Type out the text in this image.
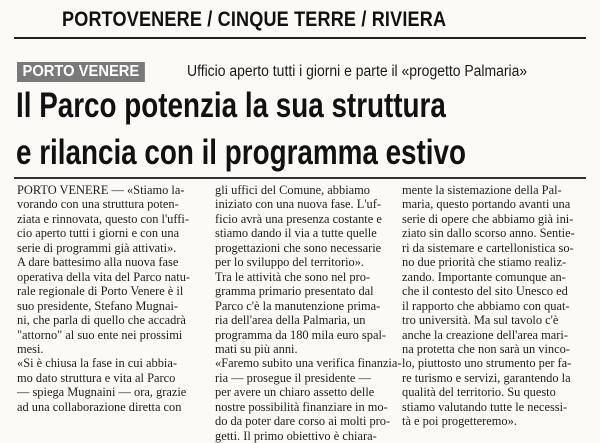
PORTOVENERE / CINQUE TERRE / RIVIERA
PORTO VENERE	Ufficio aperto tutti i giorni e parte il «progetto Palmaria»
Il Parco potenzia la sua struttura
e rilancia con il programma estivo

PORTO VENERE — «Stiamo la-

vorando con una struttura poten-

ziata e rinnovata, questo con l'uffi-

cio aperto tutti i giorni e con una

serie di programmi già attivati».

A dare battesimo alla nuova fase

operativa della vita del Parco natu-

rale regionale di Porto Venere è il

suo presidente, Stefano Mugnai-

ni, che parla di quello che accadrà

"attorno" al suo ente nei prossimi

mesi.

«Si è chiusa la fase in cui abbia-

mo dato struttura e vita al Parco

— spiega Mugnaini — ora, grazie

ad una collaborazione diretta con

gli uffici del Comune, abbiamo

iniziato con una nuova fase. L'uf-

ficio avrà una presenza costante e

stiamo dando il via a tutte quelle

progettazioni che sono necessarie

per lo sviluppo del territorio».

Tra le attività che sono nel pro-

gramma primario presentato dal

Parco c'è la manutenzione prima-

ria dell'area della Palmaria, un

programma da 180 mila euro spal-

mati su più anni.

«Faremo subito una verifica finanzia-

ria — prosegue il presidente —

per avere un chiaro assetto delle

nostre possibilità finanziare in mo-

do da poter dare corso ai molti pro-

getti. Il primo obiettivo è chiara-

mente la sistemazione della Pal-

maria, questo portando avanti una

serie di opere che abbiamo già ini-

ziato sin dallo scorso anno. Sentie-

ri da sistemare e cartellonistica so-

no due priorità che stiamo realiz-

zando. Importante comunque an-

che il contesto del sito Unesco ed

il rapporto che abbiamo con quat-

tro università. Ma sul tavolo c'è

anche la creazione dell'area mari-

na protetta che non sarà un vinco-

lo, piuttosto uno strumento per fa-

re turismo e servizi, garantendo la

qualità del territorio. Su questo

stiamo valutando tutte le necessi-

tà e poi progetteremo».
